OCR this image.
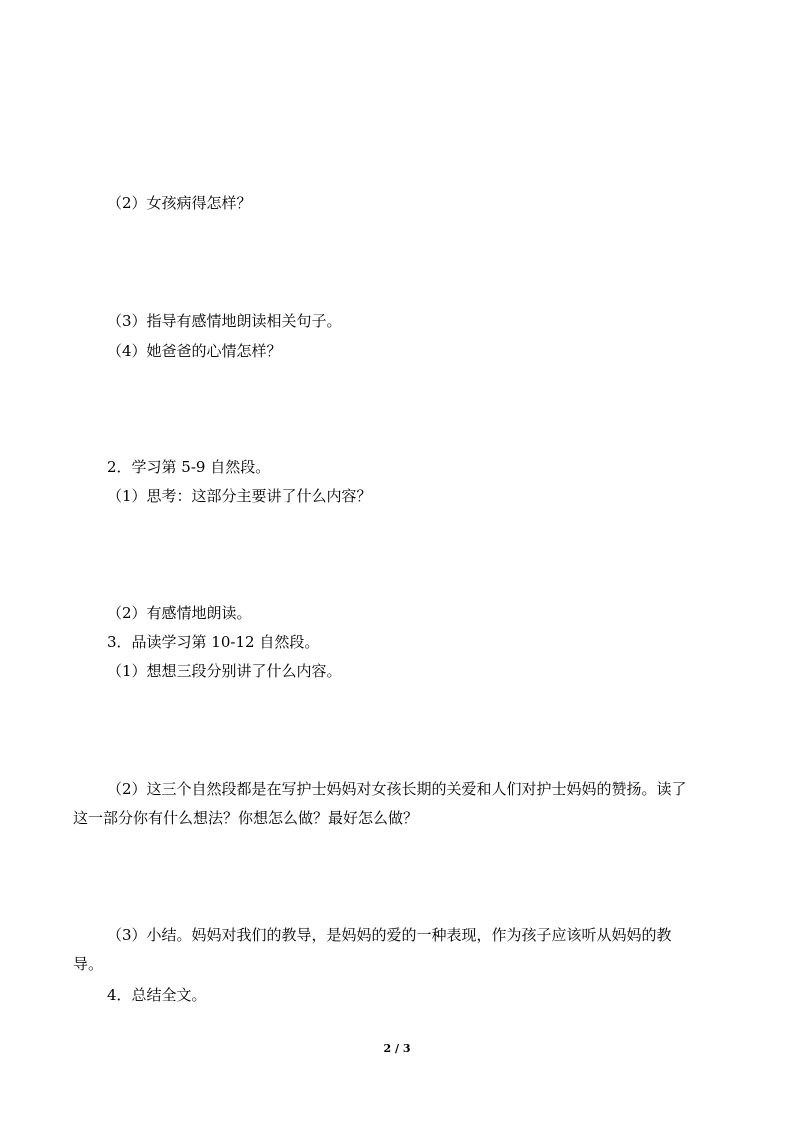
（2）女孩病得怎样？
（3）指导有感情地朗读相关句子。
（4）她爸爸的心情怎样？
2．学习第 5-9 自然段。
（1）思考：这部分主要讲了什么内容？
（2）有感情地朗读。
3．品读学习第 10-12 自然段。
（1）想想三段分别讲了什么内容。
（2）这三个自然段都是在写护士妈妈对女孩长期的关爱和人们对护士妈妈的赞扬。读了
这一部分你有什么想法？你想怎么做？最好怎么做？
（3）小结。妈妈对我们的教导，是妈妈的爱的一种表现，作为孩子应该听从妈妈的教
导。
4．总结全文。
2 / 3
